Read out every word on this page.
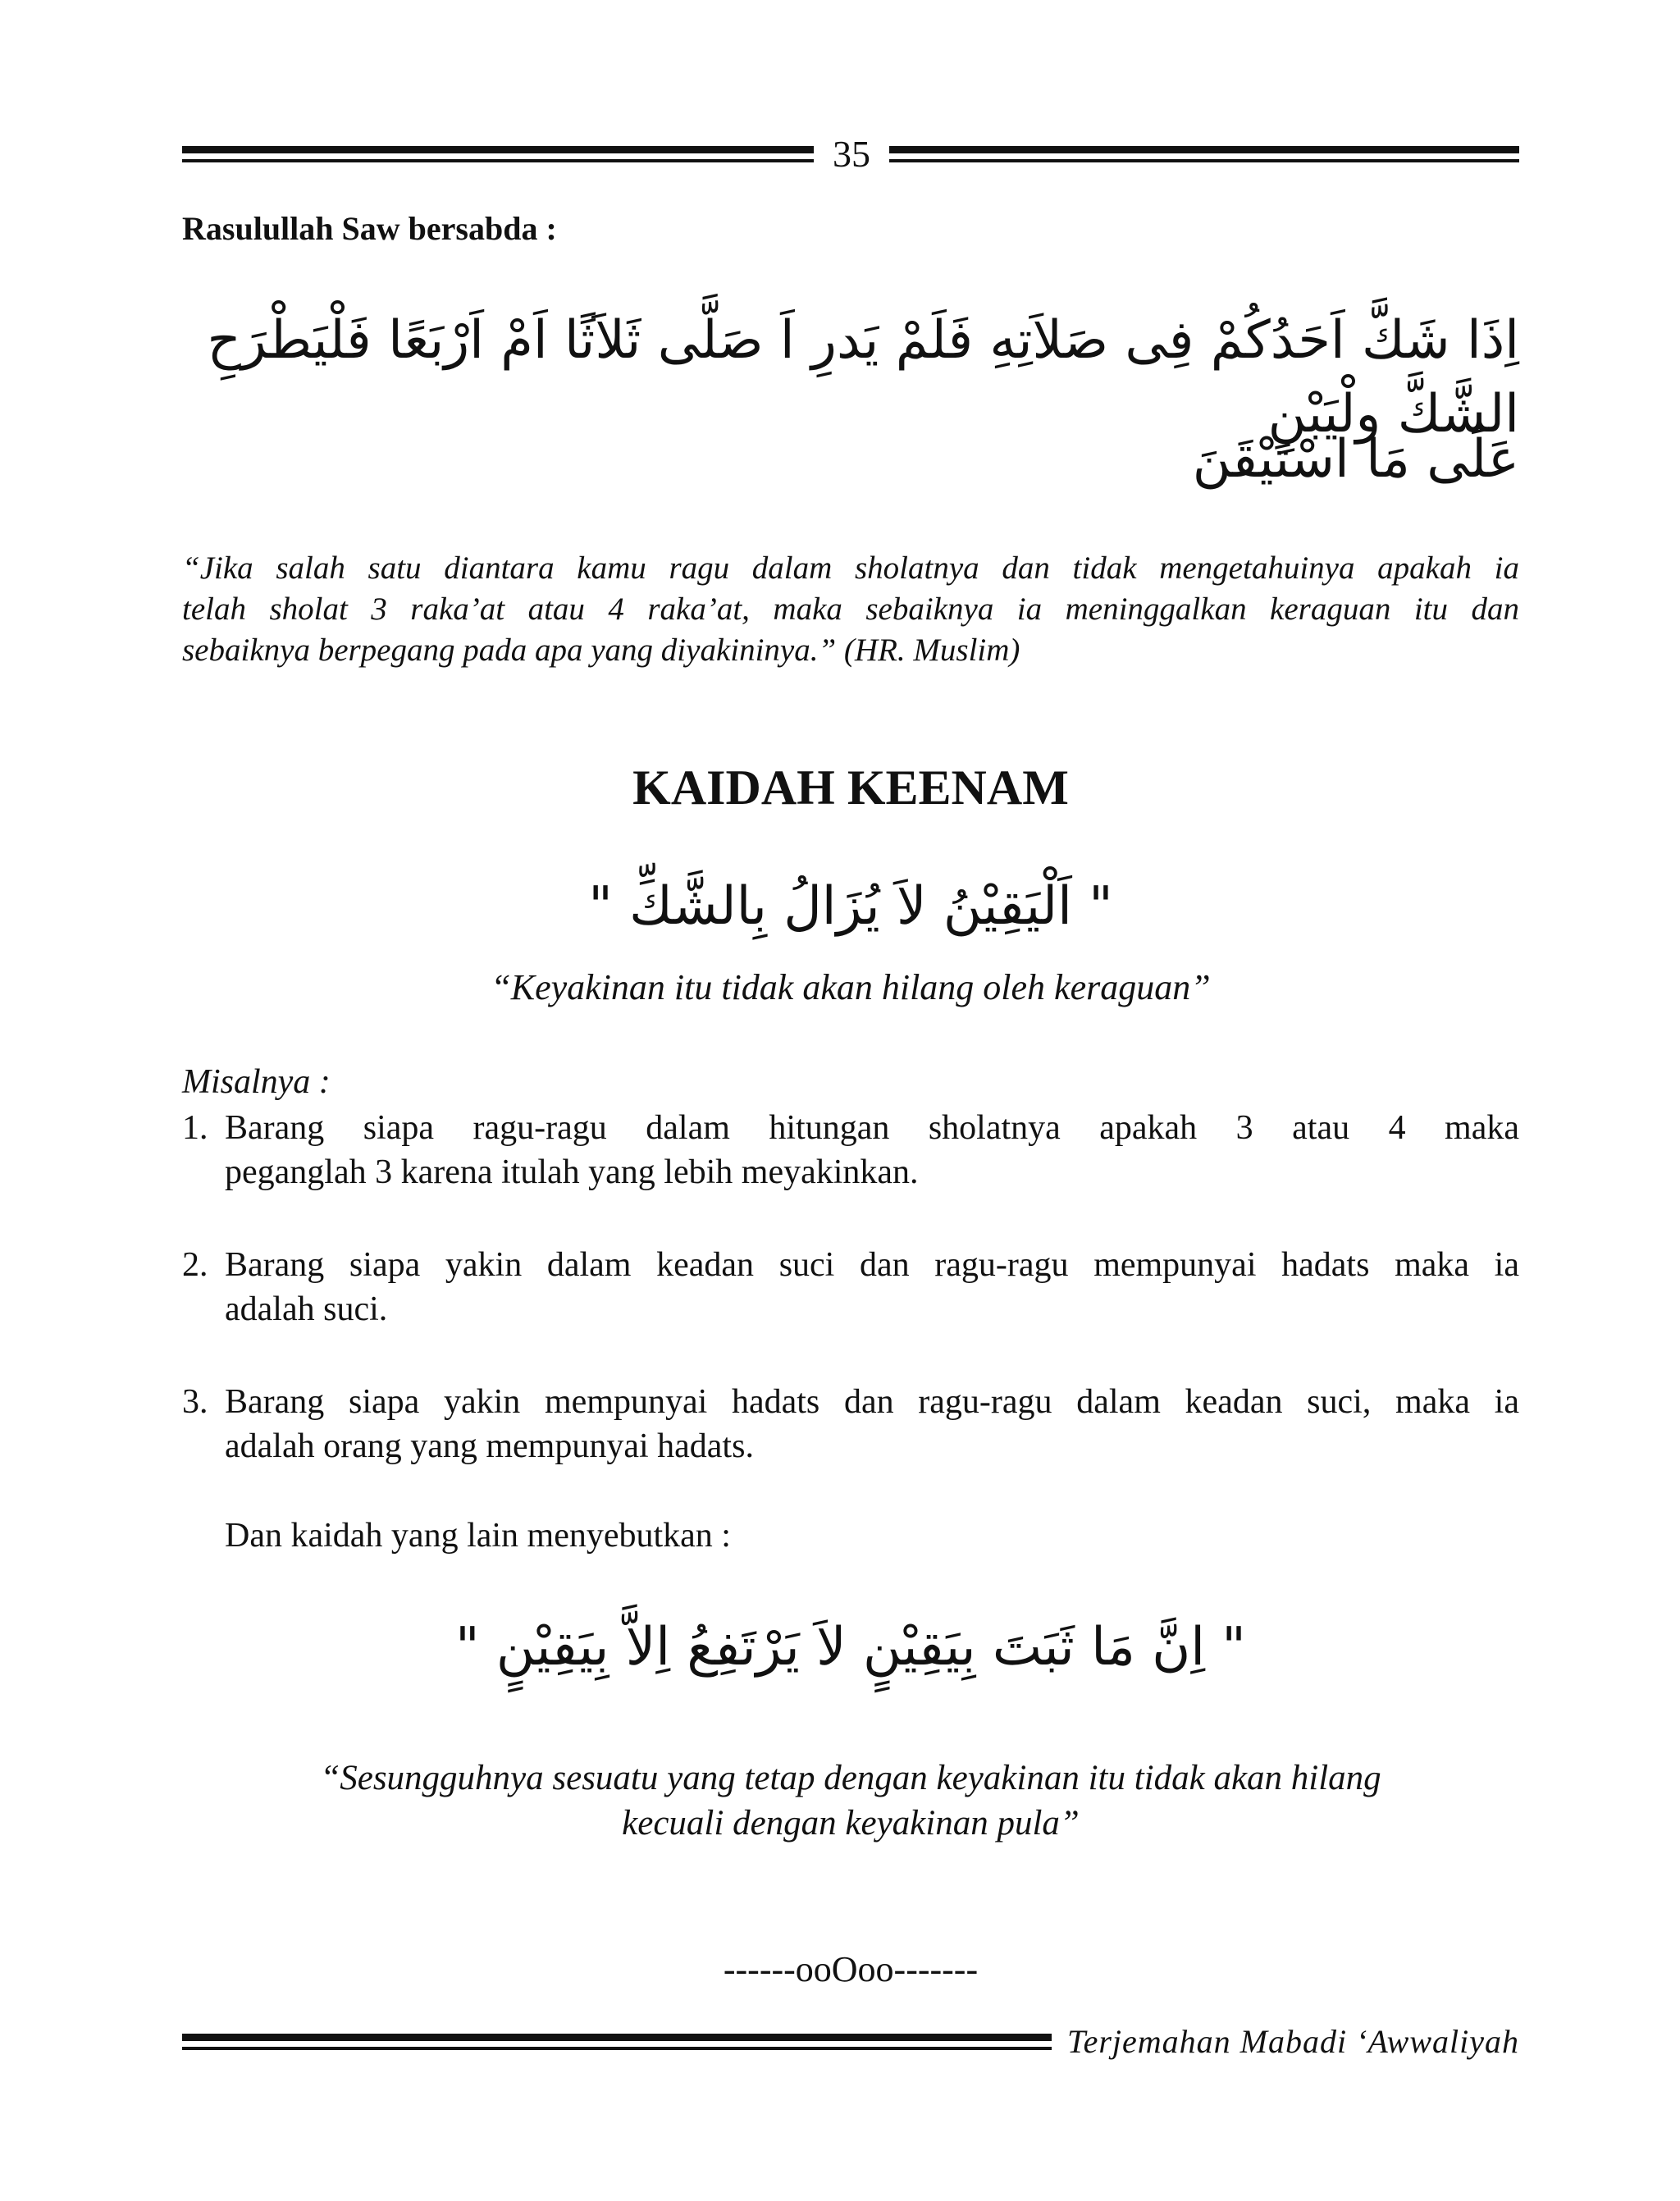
35
Rasulullah Saw bersabda :
اِذَا شَكَّ اَحَدُكُمْ فِى صَلاَتِهِ فَلَمْ يَدرِ اَ صَلَّى ثَلاَثًا اَمْ اَرْبَعًا فَلْيَطْرَحِ الشَّكَّ ولْيَبْنِ
عَلَى مَا اسْتَيْقَنَ
“Jika salah satu diantara kamu ragu dalam sholatnya dan tidak mengetahuinya apakah ia
telah sholat 3 raka’at atau 4 raka’at, maka sebaiknya ia meninggalkan keraguan itu dan
sebaiknya berpegang pada apa yang diyakininya.” (HR. Muslim)
KAIDAH KEENAM
" اَلْيَقِيْنُ لاَ يُزَالُ بِالشَّكِّ "
“Keyakinan itu tidak akan hilang oleh keraguan”
Misalnya :
1. Barang siapa ragu-ragu dalam hitungan sholatnya apakah 3 atau 4 maka
peganglah 3 karena itulah yang lebih meyakinkan.
2. Barang siapa yakin dalam keadan suci dan ragu-ragu mempunyai hadats maka ia
adalah suci.
3. Barang siapa yakin mempunyai hadats dan ragu-ragu dalam keadan suci, maka ia
adalah orang yang mempunyai hadats.
Dan kaidah yang lain menyebutkan :
" اِنَّ مَا ثَبَتَ بِيَقِيْنٍ لاَ يَرْتَفِعُ اِلاَّ بِيَقِيْنٍ "
“Sesungguhnya sesuatu yang tetap dengan keyakinan itu tidak akan hilang
kecuali dengan keyakinan pula”
------ooOoo-------
Terjemahan Mabadi ‘Awwaliyah
